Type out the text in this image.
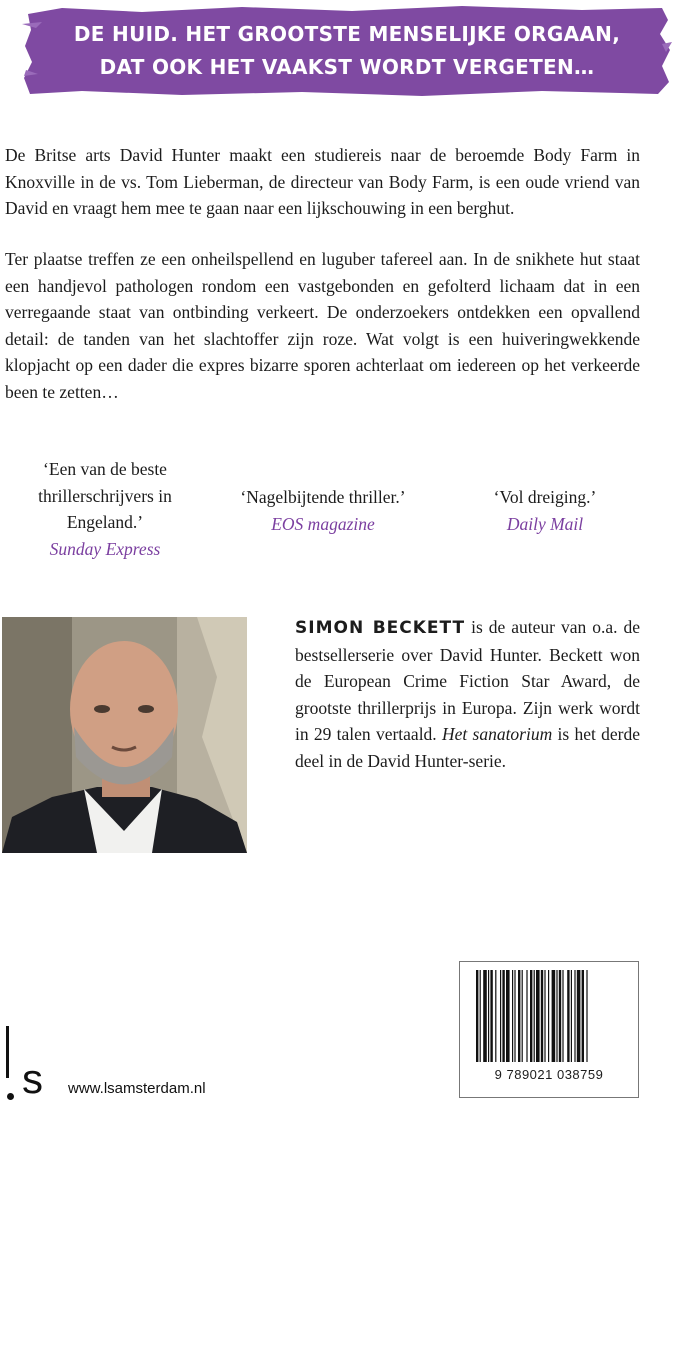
DE HUID. HET GROOTSTE MENSELIJKE ORGAAN,
DAT OOK HET VAAKST WORDT VERGETEN…

De Britse arts David Hunter maakt een studiereis naar de beroemde Body Farm in Knoxville in de vs. Tom Lieberman, de directeur van Body Farm, is een oude vriend van David en vraagt hem mee te gaan naar een lijkschouwing in een berghut.

Ter plaatse treffen ze een onheilspellend en luguber tafereel aan. In de snikhete hut staat een handjevol pathologen rondom een vastgebonden en gefolterd lichaam dat in een verregaande staat van ontbinding verkeert. De onderzoekers ontdekken een opvallend detail: de tanden van het slachtoffer zijn roze. Wat volgt is een huiveringwekkende klopjacht op een dader die expres bizarre sporen achterlaat om iedereen op het verkeerde been te zetten…

‘Een van de beste thrillerschrijvers in Engeland.’
Sunday Express
‘Nagelbijtende thriller.’
EOS magazine
‘Vol dreiging.’
Daily Mail
© WILLI WEBER

SIMON BECKETT is de auteur van o.a. de bestsellerserie over David Hunter. Beckett won de European Crime Fiction Star Award, de grootste thrillerprijs in Europa. Zijn werk wordt in 29 talen vertaald. Het sanatorium is het derde deel in de David Hunter-serie.

9 789021 038759
s www.lsamsterdam.nl
